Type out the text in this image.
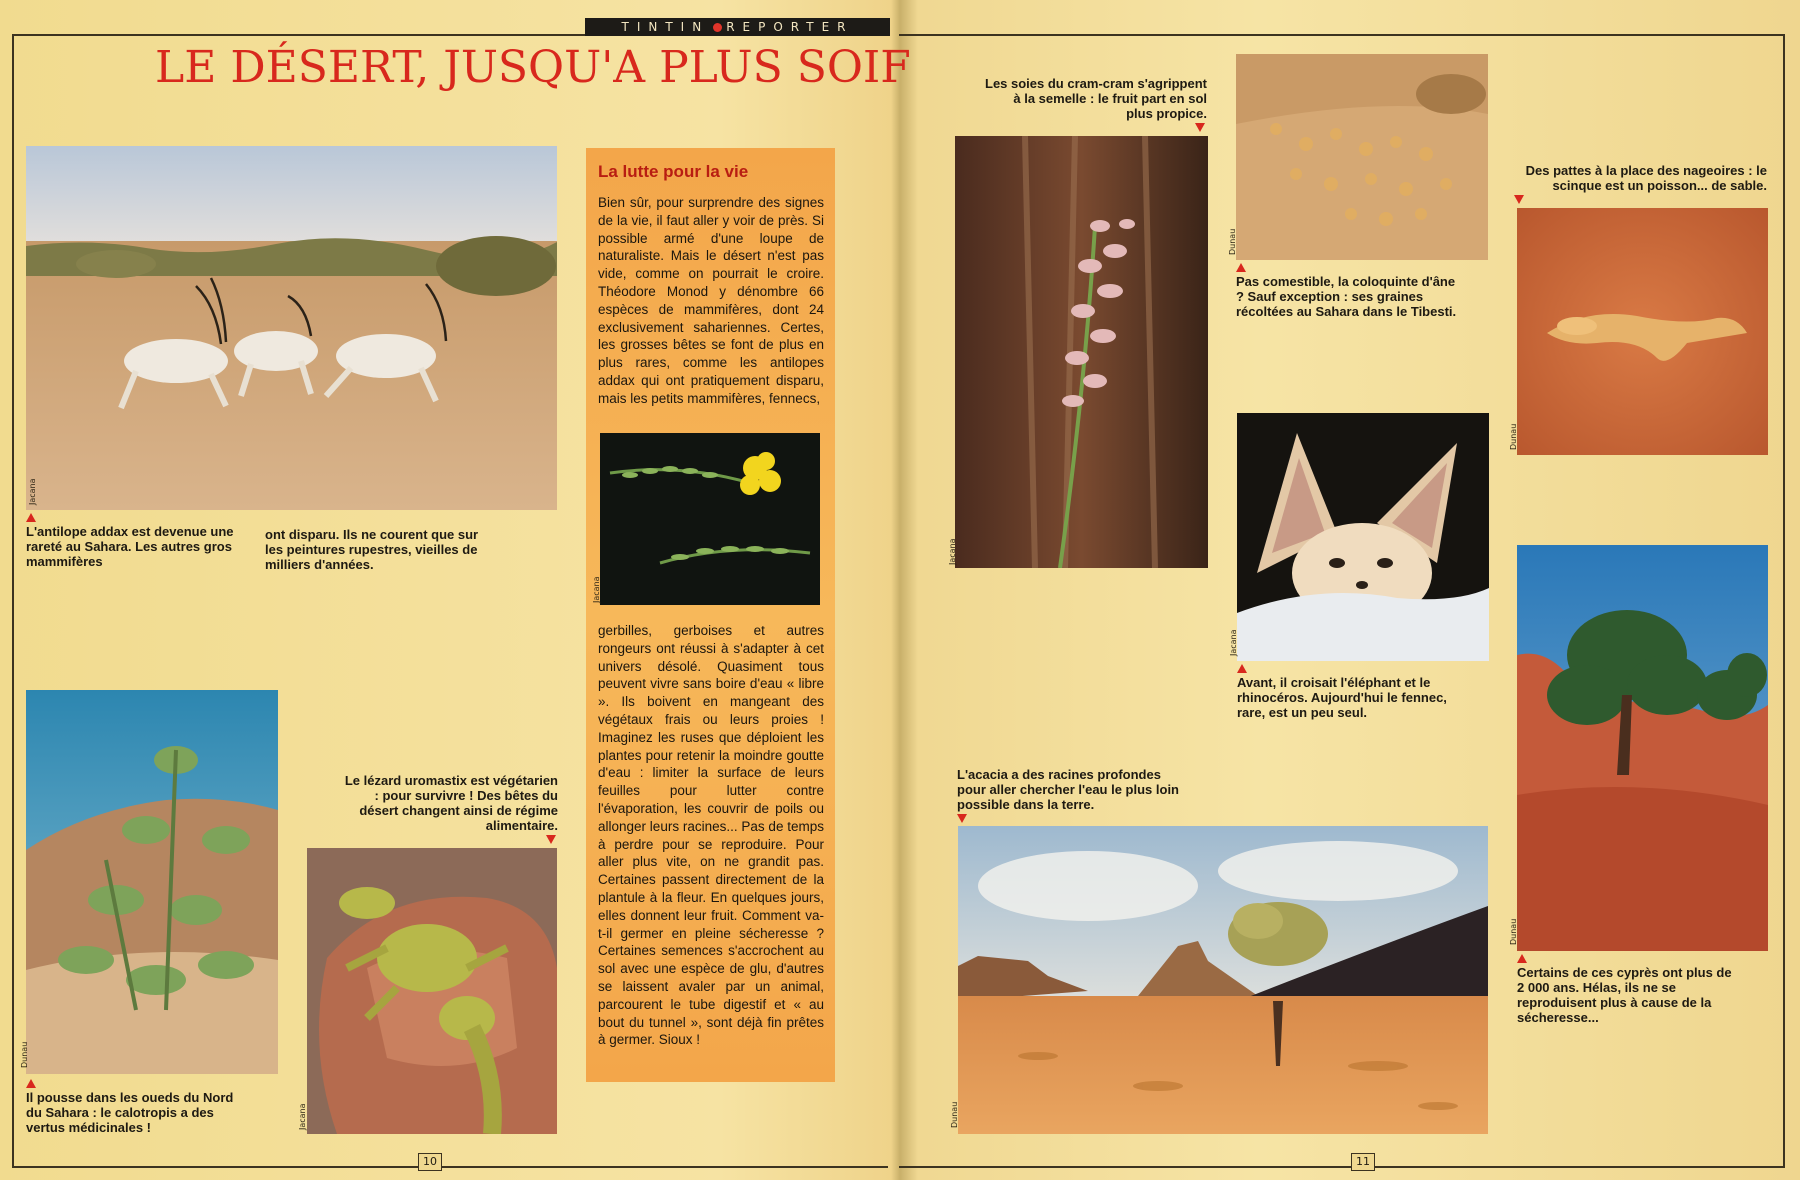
TINTIN REPORTER
LE DÉSERT, JUSQU'A PLUS SOIF
Jacana
L'antilope addax est devenue une rareté au Sahara. Les autres gros mammifères
ont disparu. Ils ne courent que sur les peintures rupestres, vieilles de milliers d'années.
Dunau
Il pousse dans les oueds du Nord du Sahara : le calotropis a des vertus médicinales !
Le lézard uromastix est végétarien : pour survivre ! Des bêtes du désert changent ainsi de régime alimentaire.
Jacana
La lutte pour la vie
Bien sûr, pour surprendre des signes de la vie, il faut aller y voir de près. Si possible armé d'une loupe de naturaliste. Mais le désert n'est pas vide, comme on pourrait le croire. Théodore Monod y dénombre 66 espèces de mammifères, dont 24 exclusivement sahariennes. Certes, les grosses bêtes se font de plus en plus rares, comme les antilopes addax qui ont pratiquement disparu, mais les petits mammifères, fennecs,
Jacana
gerbilles, gerboises et autres rongeurs ont réussi à s'adapter à cet univers désolé. Quasiment tous peuvent vivre sans boire d'eau « libre ». Ils boivent en mangeant des végétaux frais ou leurs proies ! Imaginez les ruses que déploient les plantes pour retenir la moindre goutte d'eau : limiter la surface de leurs feuilles pour lutter contre l'évaporation, les couvrir de poils ou allonger leurs racines... Pas de temps à perdre pour se reproduire. Pour aller plus vite, on ne grandit pas. Certaines passent directement de la plantule à la fleur. En quelques jours, elles donnent leur fruit. Comment va-t-il germer en pleine sécheresse ? Certaines semences s'accrochent au sol avec une espèce de glu, d'autres se laissent avaler par un animal, parcourent le tube digestif et « au bout du tunnel », sont déjà fin prêtes à germer. Sioux !
10
Les soies du cram-cram s'agrippent à la semelle : le fruit part en sol plus propice.
Jacana
Dunau
Pas comestible, la coloquinte d'âne ? Sauf exception : ses graines récoltées au Sahara dans le Tibesti.
Des pattes à la place des nageoires : le scinque est un poisson... de sable.
Dunau
Jacana
Avant, il croisait l'éléphant et le rhinocéros. Aujourd'hui le fennec, rare, est un peu seul.
L'acacia a des racines profondes pour aller chercher l'eau le plus loin possible dans la terre.
Dunau
Dunau
Certains de ces cyprès ont plus de 2 000 ans. Hélas, ils ne se reproduisent plus à cause de la sécheresse...
11
